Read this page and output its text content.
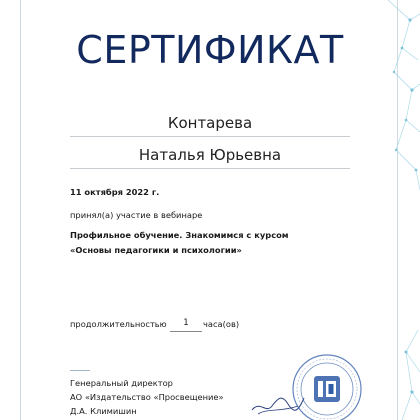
СЕРТИФИКАТ
Контарева
Наталья Юрьевна
11 октября 2022 г.
принял(а) участие в вебинаре
Профильное обучение. Знакомимся с курсом
«Основы педагогики и психологии»
продолжительностью	1	часа(ов)
Генеральный директор
АО «Издательство «Просвещение»
Д.А. Климишин
